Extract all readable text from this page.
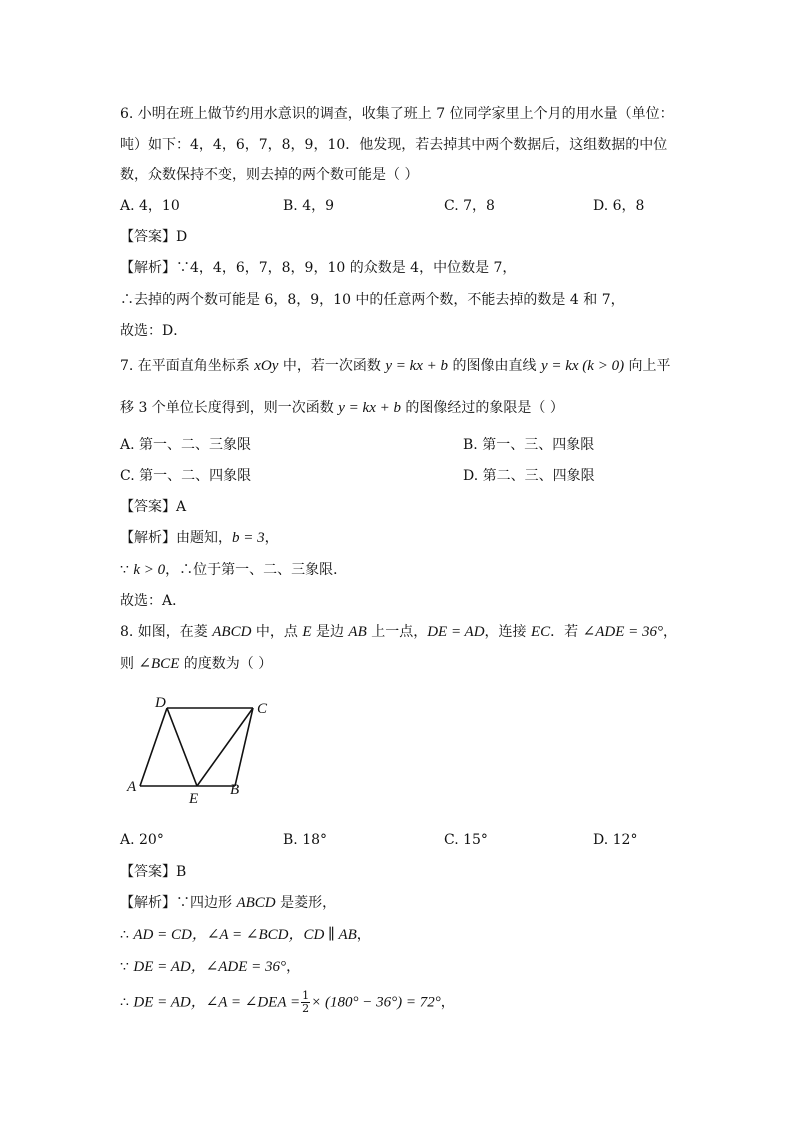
6. 小明在班上做节约用水意识的调查，收集了班上 7 位同学家里上个月的用水量（单位：
吨）如下：4，4，6，7，8，9，10．他发现，若去掉其中两个数据后，这组数据的中位
数，众数保持不变，则去掉的两个数可能是（ ）
A. 4，10	B. 4，9	C. 7，8	D. 6，8
【答案】D
【解析】∵4，4，6，7，8，9，10 的众数是 4，中位数是 7，
∴去掉的两个数可能是 6，8，9，10 中的任意两个数，不能去掉的数是 4 和 7，
故选：D．
7. 在平面直角坐标系 xOy 中，若一次函数 y = kx + b 的图像由直线 y = kx (k > 0) 向上平
移 3 个单位长度得到，则一次函数 y = kx + b 的图像经过的象限是（ ）
A. 第一、二、三象限	B. 第一、三、四象限
C. 第一、二、四象限	D. 第二、三、四象限
【答案】A
【解析】由题知，b = 3，
∵ k > 0，∴位于第一、二、三象限．
故选：A．
8. 如图，在菱 ABCD 中，点 E 是边 AB 上一点，DE = AD，连接 EC．若 ∠ADE = 36°，
则 ∠BCE 的度数为（ ）
D	C
A
E
B
A. 20°	B. 18°	C. 15°	D. 12°
【答案】B
【解析】∵四边形 ABCD 是菱形，
∴ AD = CD，∠A = ∠BCD，CD ∥ AB，
∵ DE = AD，∠ADE = 36°，
∴ DE = AD，∠A = ∠DEA = $\frac{1}{2} \times (180^\circ - 36^\circ) = 72^\circ$，
